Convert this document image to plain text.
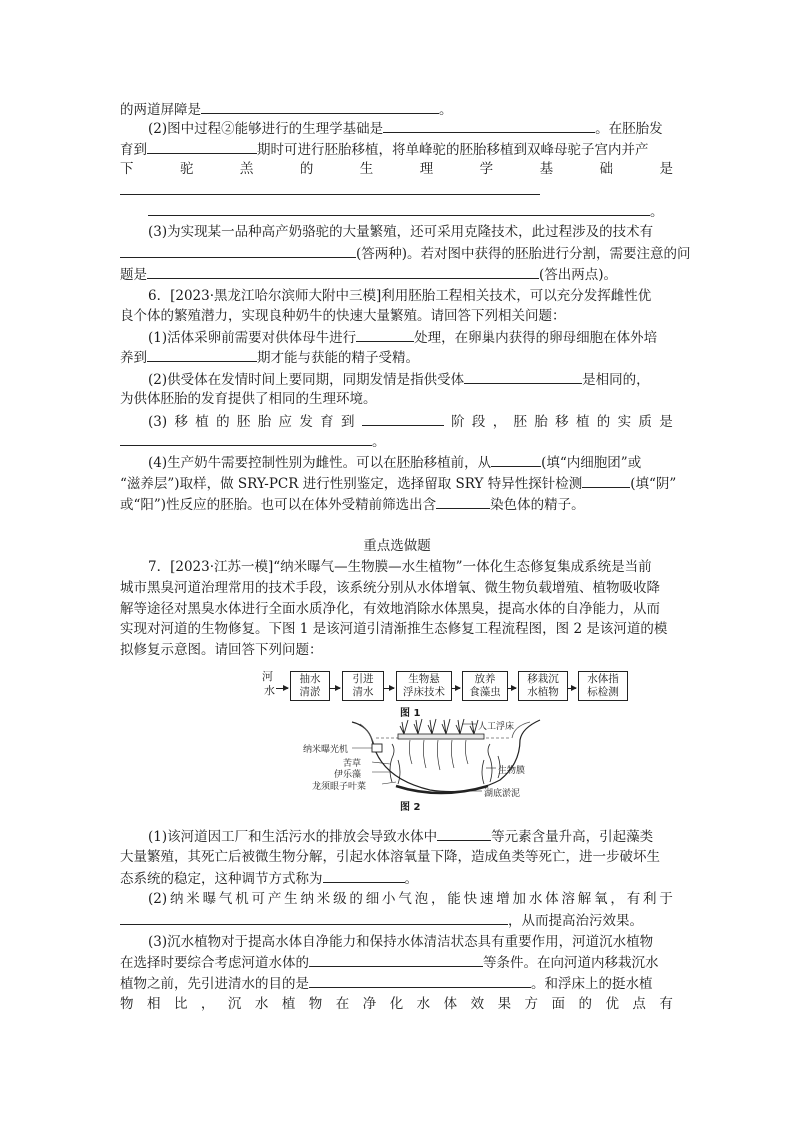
的两道屏障是	。
(2)图中过程②能够进行的生理学基础是	。在胚胎发
育到	期时可进行胚胎移植，将单峰驼的胚胎移植到双峰母驼子宫内并产
下	驼	羔	的	生	理	学	基	础	是
。
(3)为实现某一品种高产奶骆驼的大量繁殖，还可采用克隆技术，此过程涉及的技术有
(答两种)。若对图中获得的胚胎进行分割，需要注意的问
题是	(答出两点)。
6．[2023·黑龙江哈尔滨师大附中三模]利用胚胎工程相关技术，可以充分发挥雌性优
良个体的繁殖潜力，实现良种奶牛的快速大量繁殖。请回答下列相关问题：
(1)活体采卵前需要对供体母牛进行	处理，在卵巢内获得的卵母细胞在体外培
养到	期才能与获能的精子受精。
(2)供受体在发情时间上要同期，同期发情是指供受体	是相同的，
为供体胚胎的发育提供了相同的生理环境。
(3) 移 植 的 胚 胎 应 发 育 到	阶 段 ， 胚 胎 移 植 的 实 质 是
。
(4)生产奶牛需要控制性别为雌性。可以在胚胎移植前，从	(填“内细胞团”或
“滋养层”)取样，做 SRY-PCR 进行性别鉴定，选择留取 SRY 特异性探针检测	(填“阴”
或“阳”)性反应的胚胎。也可以在体外受精前筛选出含	染色体的精子。
重点选做题
7．[2023·江苏一模]“纳米曝气—生物膜—水生植物”一体化生态修复集成系统是当前
城市黑臭河道治理常用的技术手段，该系统分别从水体增氧、微生物负载增殖、植物吸收降
解等途径对黑臭水体进行全面水质净化，有效地消除水体黑臭，提高水体的自净能力，从而
实现对河道的生物修复。下图 1 是该河道引清渐推生态修复工程流程图，图 2 是该河道的模
拟修复示意图。请回答下列问题：
河
水
抽水
清淤
引进
清水
生物悬
浮床技术
放养
食藻虫
移栽沉
水植物
水体指
标检测
图 1
人工浮床
纳米曝光机
苦草
伊乐藻
龙须眼子叶菜
生物膜
湖底淤泥
图 2
(1)该河道因工厂和生活污水的排放会导致水体中	等元素含量升高，引起藻类
大量繁殖，其死亡后被微生物分解，引起水体溶氧量下降，造成鱼类等死亡，进一步破坏生
态系统的稳定，这种调节方式称为	。
(2) 纳 米 曝 气 机 可 产 生 纳 米 级 的 细 小 气 泡 ， 能 快 速 增 加 水 体 溶 解 氧 ， 有 利 于
，从而提高治污效果。
(3)沉水植物对于提高水体自净能力和保持水体清洁状态具有重要作用，河道沉水植物
在选择时要综合考虑河道水体的	等条件。在向河道内移栽沉水
植物之前，先引进清水的目的是	。和浮床上的挺水植
物 相 比 ， 沉 水 植 物 在 净 化 水 体 效 果 方 面 的 优 点 有
